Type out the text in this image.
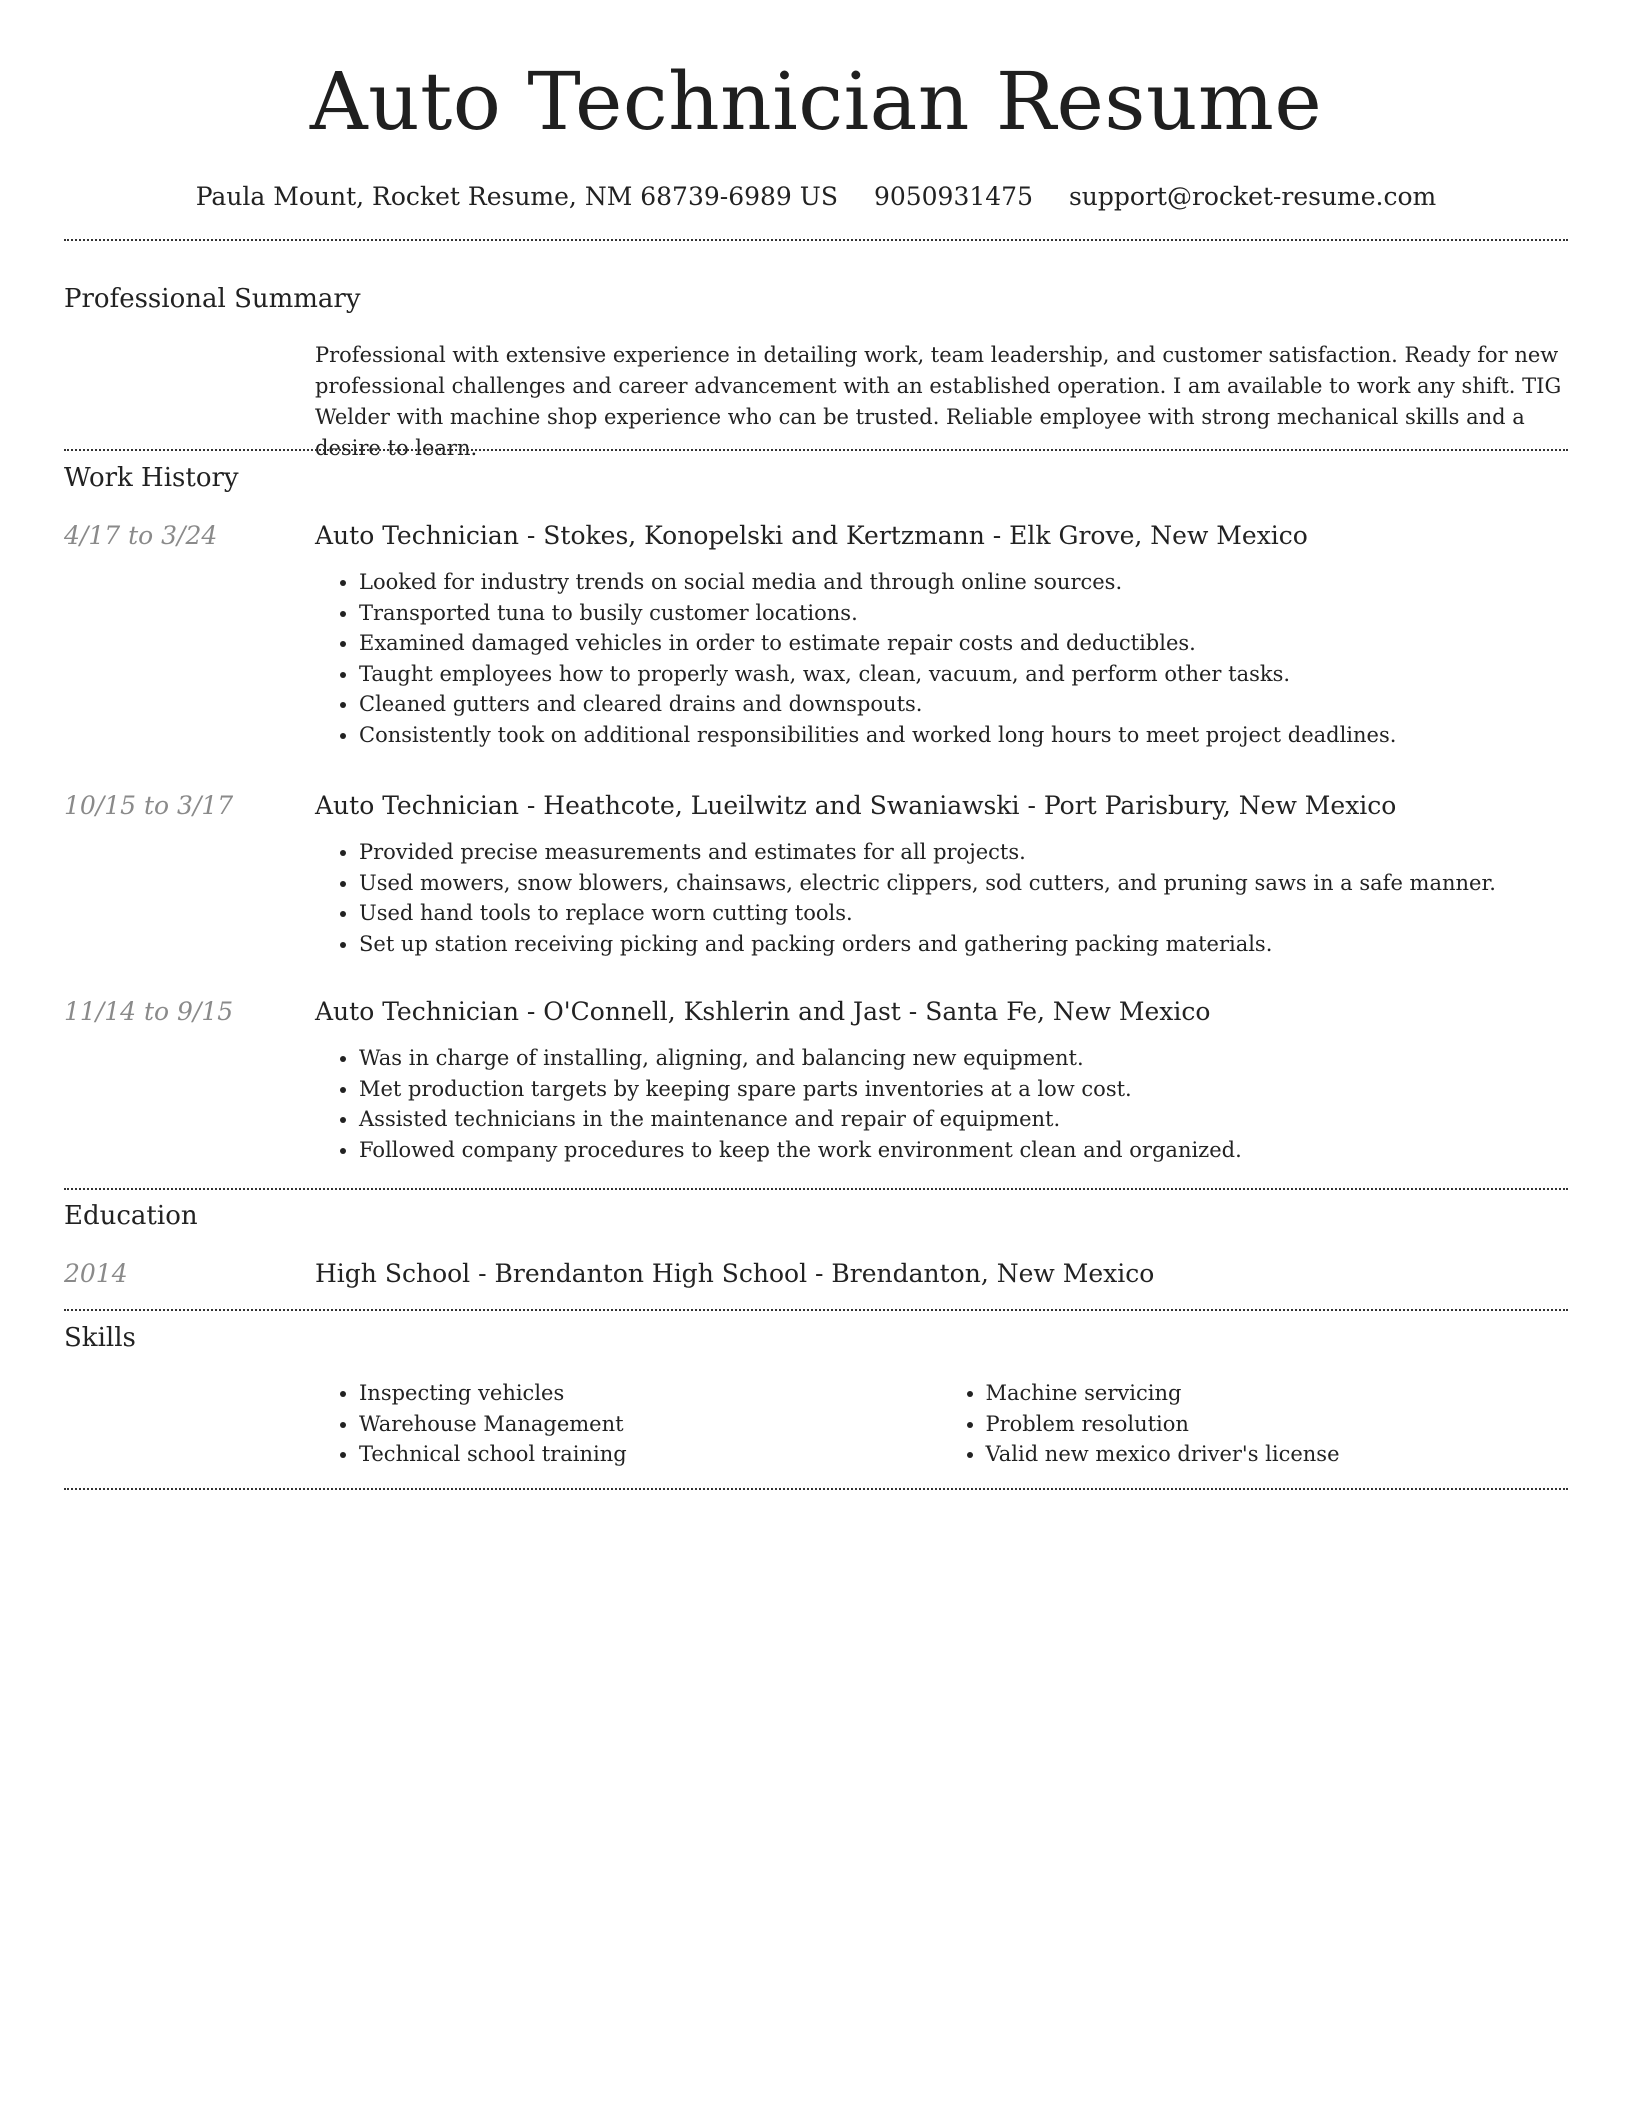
Auto Technician Resume
Paula Mount, Rocket Resume, NM 68739-6989 US 9050931475 support@rocket-resume.com
Professional Summary

Professional with extensive experience in detailing work, team leadership, and customer satisfaction. Ready for new professional challenges and career advancement with an established operation. I am available to work any shift. TIG Welder with machine shop experience who can be trusted. Reliable employee with strong mechanical skills and a desire to learn.

Work History
4/17 to 3/24	Auto Technician - Stokes, Konopelski and Kertzmann - Elk Grove, New Mexico

• Looked for industry trends on social media and through online sources.
• Transported tuna to busily customer locations.
• Examined damaged vehicles in order to estimate repair costs and deductibles.
• Taught employees how to properly wash, wax, clean, vacuum, and perform other tasks.
• Cleaned gutters and cleared drains and downspouts.
• Consistently took on additional responsibilities and worked long hours to meet project deadlines.
10/15 to 3/17	Auto Technician - Heathcote, Lueilwitz and Swaniawski - Port Parisbury, New Mexico

• Provided precise measurements and estimates for all projects.
• Used mowers, snow blowers, chainsaws, electric clippers, sod cutters, and pruning saws in a safe manner.
• Used hand tools to replace worn cutting tools.
• Set up station receiving picking and packing orders and gathering packing materials.
11/14 to 9/15	Auto Technician - O'Connell, Kshlerin and Jast - Santa Fe, New Mexico

• Was in charge of installing, aligning, and balancing new equipment.
• Met production targets by keeping spare parts inventories at a low cost.
• Assisted technicians in the maintenance and repair of equipment.
• Followed company procedures to keep the work environment clean and organized.
Education
2014	High School - Brendanton High School - Brendanton, New Mexico

Skills
• Inspecting vehicles
• Warehouse Management
• Technical school training
• Machine servicing
• Problem resolution
• Valid new mexico driver's license
